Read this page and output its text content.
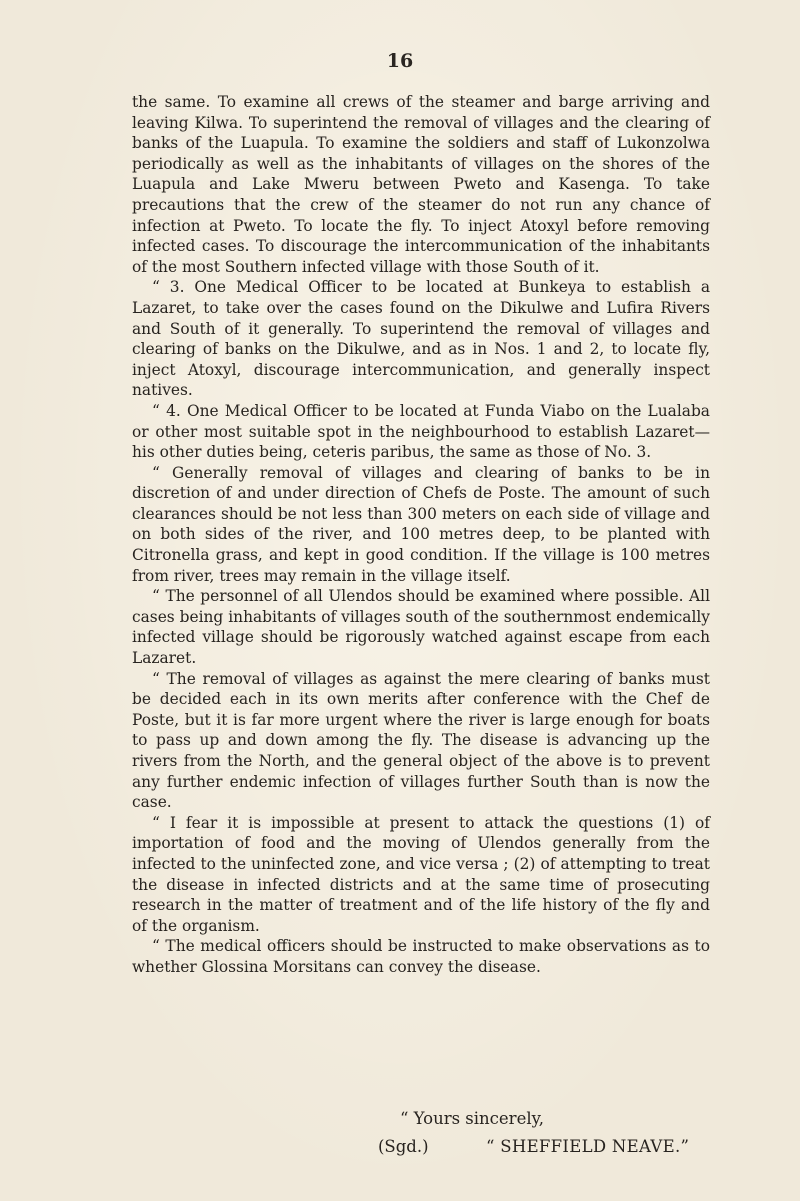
16

the same. To examine all crews of the steamer and barge arriving and leaving Kilwa. To superintend the removal of villages and the clearing of banks of the Luapula. To examine the soldiers and staff of Lukonzolwa periodically as well as the inhabitants of villages on the shores of the Luapula and Lake Mweru between Pweto and Kasenga. To take precautions that the crew of the steamer do not run any chance of infection at Pweto. To locate the fly. To inject Atoxyl before removing infected cases. To discourage the intercommunication of the inhabitants of the most Southern infected village with those South of it.

“ 3. One Medical Officer to be located at Bunkeya to establish a Lazaret, to take over the cases found on the Dikulwe and Lufira Rivers and South of it generally. To superintend the removal of villages and clearing of banks on the Dikulwe, and as in Nos. 1 and 2, to locate fly, inject Atoxyl, discourage intercommunication, and generally inspect natives.

“ 4. One Medical Officer to be located at Funda Viabo on the Lualaba or other most suitable spot in the neighbourhood to establish Lazaret—his other duties being, ceteris paribus, the same as those of No. 3.

“ Generally removal of villages and clearing of banks to be in discretion of and under direction of Chefs de Poste. The amount of such clearances should be not less than 300 meters on each side of village and on both sides of the river, and 100 metres deep, to be planted with Citronella grass, and kept in good condition. If the village is 100 metres from river, trees may remain in the village itself.

“ The personnel of all Ulendos should be examined where possible. All cases being inhabitants of villages south of the southernmost endemically infected village should be rigorously watched against escape from each Lazaret.

“ The removal of villages as against the mere clearing of banks must be decided each in its own merits after conference with the Chef de Poste, but it is far more urgent where the river is large enough for boats to pass up and down among the fly. The disease is advancing up the rivers from the North, and the general object of the above is to prevent any further endemic infection of villages further South than is now the case.

“ I fear it is impossible at present to attack the questions (1) of importation of food and the moving of Ulendos generally from the infected to the uninfected zone, and vice versa ; (2) of attempting to treat the disease in infected districts and at the same time of prosecuting research in the matter of treatment and of the life history of the fly and of the organism.

“ The medical officers should be instructed to make observations as to whether Glossina Morsitans can convey the disease.

“ Yours sincerely,
(Sgd.)	“ SHEFFIELD NEAVE.”
